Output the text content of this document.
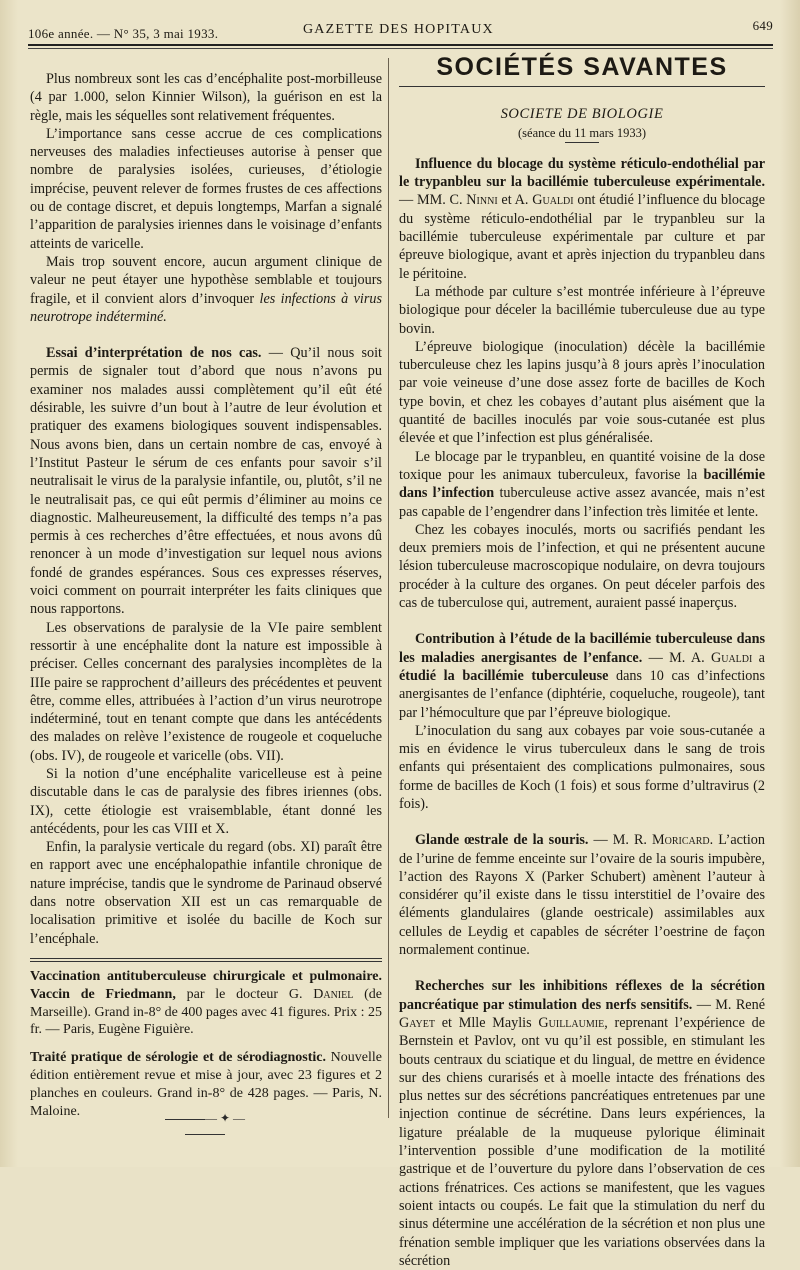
106e année. — N° 35, 3 mai 1933.	GAZETTE DES HOPITAUX	649

Plus nombreux sont les cas d’encéphalite post-morbilleuse (4 par 1.000, selon Kinnier Wilson), la guérison en est la règle, mais les séquelles sont relativement fréquentes.

L’importance sans cesse accrue de ces complications nerveuses des maladies infectieuses autorise à penser que nombre de paralysies isolées, curieuses, d’étiologie imprécise, peuvent relever de formes frustes de ces affections ou de contage discret, et depuis longtemps, Marfan a signalé l’apparition de paralysies iriennes dans le voisinage d’enfants atteints de varicelle.

Mais trop souvent encore, aucun argument clinique de valeur ne peut étayer une hypothèse semblable et toujours fragile, et il convient alors d’invoquer les infections à virus neurotrope indéterminé.

Essai d’interprétation de nos cas. — Qu’il nous soit permis de signaler tout d’abord que nous n’avons pu examiner nos malades aussi complètement qu’il eût été désirable, les suivre d’un bout à l’autre de leur évolution et pratiquer des examens biologiques souvent indispensables. Nous avons bien, dans un certain nombre de cas, envoyé à l’Institut Pasteur le sérum de ces enfants pour savoir s’il neutralisait le virus de la paralysie infantile, ou, plutôt, s’il ne le neutralisait pas, ce qui eût permis d’éliminer au moins ce diagnostic. Malheureusement, la difficulté des temps n’a pas permis à ces recherches d’être effectuées, et nous avons dû renoncer à un mode d’investigation sur lequel nous avions fondé de grandes espérances. Sous ces expresses réserves, voici comment on pourrait interpréter les faits cliniques que nous rapportons.

Les observations de paralysie de la VIe paire semblent ressortir à une encéphalite dont la nature est impossible à préciser. Celles concernant des paralysies incomplètes de la IIIe paire se rapprochent d’ailleurs des précédentes et peuvent être, comme elles, attribuées à l’action d’un virus neurotrope indéterminé, tout en tenant compte que dans les antécédents des malades on relève l’existence de rougeole et coqueluche (obs. IV), de rougeole et varicelle (obs. VII).

Si la notion d’une encéphalite varicelleuse est à peine discutable dans le cas de paralysie des fibres iriennes (obs. IX), cette étiologie est vraisemblable, étant donné les antécédents, pour les cas VIII et X.

Enfin, la paralysie verticale du regard (obs. XI) paraît être en rapport avec une encéphalopathie infantile chronique de nature imprécise, tandis que le syndrome de Parinaud observé dans notre observation XII est un cas remarquable de localisation primitive et isolée du bacille de Koch sur l’encéphale.

Vaccination antituberculeuse chirurgicale et pulmonaire. Vaccin de Friedmann, par le docteur G. Daniel (de Marseille). Grand in-8° de 400 pages avec 41 figures. Prix : 25 fr. — Paris, Eugène Figuière.

Traité pratique de sérologie et de sérodiagnostic. Nouvelle édition entièrement revue et mise à jour, avec 23 figures et 2 planches en couleurs. Grand in-8° de 428 pages. — Paris, N. Maloine.	— ✦ —
SOCIÉTÉS SAVANTES

SOCIETE DE BIOLOGIE

(séance du 11 mars 1933)

Influence du blocage du système réticulo-endothélial par le trypanbleu sur la bacillémie tuberculeuse expérimentale. — MM. C. Ninni et A. Gualdi ont étudié l’influence du blocage du système réticulo-endothélial par le trypanbleu sur la bacillémie tuberculeuse expérimentale par culture et par épreuve biologique, avant et après injection du trypanbleu dans le péritoine.

La méthode par culture s’est montrée inférieure à l’épreuve biologique pour déceler la bacillémie tuberculeuse due au type bovin.

L’épreuve biologique (inoculation) décèle la bacillémie tuberculeuse chez les lapins jusqu’à 8 jours après l’inoculation par voie veineuse d’une dose assez forte de bacilles de Koch type bovin, et chez les cobayes d’autant plus aisément que la quantité de bacilles inoculés par voie sous-cutanée est plus élevée et que l’infection est plus généralisée.

Le blocage par le trypanbleu, en quantité voisine de la dose toxique pour les animaux tuberculeux, favorise la bacillémie dans l’infection tuberculeuse active assez avancée, mais n’est pas capable de l’engendrer dans l’infection très limitée et lente.

Chez les cobayes inoculés, morts ou sacrifiés pendant les deux premiers mois de l’infection, et qui ne présentent aucune lésion tuberculeuse macroscopique nodulaire, on devra toujours procéder à la culture des organes. On peut déceler parfois des cas de tuberculose qui, autrement, auraient passé inaperçus.

Contribution à l’étude de la bacillémie tuberculeuse dans les maladies anergisantes de l’enfance. — M. A. Gualdi a étudié la bacillémie tuberculeuse dans 10 cas d’infections anergisantes de l’enfance (diphtérie, coqueluche, rougeole), tant par l’hémoculture que par l’épreuve biologique.

L’inoculation du sang aux cobayes par voie sous-cutanée a mis en évidence le virus tuberculeux dans le sang de trois enfants qui présentaient des complications pulmonaires, sous forme de bacilles de Koch (1 fois) et sous forme d’ultravirus (2 fois).

Glande œstrale de la souris. — M. R. Moricard. L’action de l’urine de femme enceinte sur l’ovaire de la souris impubère, l’action des Rayons X (Parker Schubert) amènent l’auteur à considérer qu’il existe dans le tissu interstitiel de l’ovaire des éléments glandulaires (glande oestricale) assimilables aux cellules de Leydig et capables de sécréter l’oestrine de façon normalement continue.

Recherches sur les inhibitions réflexes de la sécrétion pancréatique par stimulation des nerfs sensitifs. — M. René Gayet et Mlle Maylis Guillaumie, reprenant l’expérience de Bernstein et Pavlov, ont vu qu’il est possible, en stimulant les bouts centraux du sciatique et du lingual, de mettre en évidence sur des chiens curarisés et à moelle intacte des frénations des plus nettes sur des sécrétions pancréatiques entretenues par une injection continue de sécrétine. Dans leurs expériences, la ligature préalable de la muqueuse pylorique éliminait l’intervention possible d’une modification de la motilité gastrique et de l’ouverture du pylore dans l’observation de ces actions frénatrices. Ces actions se manifestent, que les vagues soient intacts ou coupés. Le fait que la stimulation du nerf du sinus détermine une accélération de la sécrétion et non plus une frénation semble impliquer que les variations observées dans la sécrétion
